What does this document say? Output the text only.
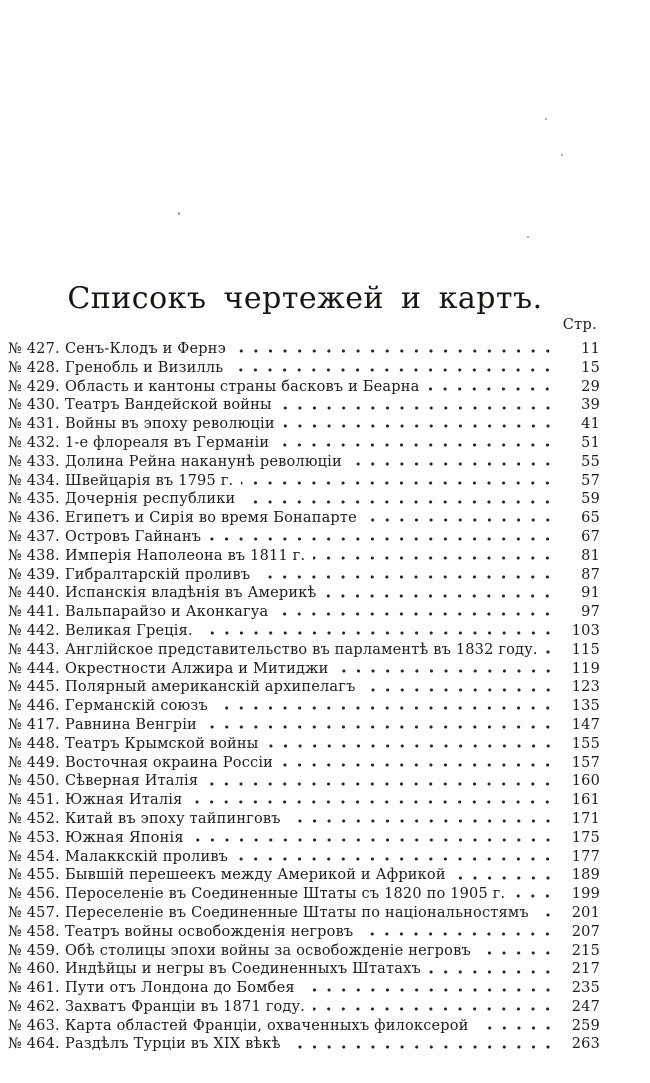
Списокъ чертежей и картъ.
Стр.
№ 427. Сенъ-Клодъ и Фернэ	11
№ 428. Гренобль и Визилль	15
№ 429. Область и кантоны страны басковъ и Беарна	29
№ 430. Театръ Вандейской войны	39
№ 431. Войны въ эпоху революціи	41
№ 432. 1-е флореаля въ Германіи	51
№ 433. Долина Рейна наканунѣ революціи	55
№ 434. Швейцарія въ 1795 г.	57
№ 435. Дочернія республики	59
№ 436. Египетъ и Сирія во время Бонапарте	65
№ 437. Островъ Гайнанъ	67
№ 438. Имперія Наполеона въ 1811 г.	81
№ 439. Гибралтарскій проливъ	87
№ 440. Испанскія владѣнія въ Америкѣ	91
№ 441. Вальпарайзо и Аконкагуа	97
№ 442. Великая Греція.	103
№ 443. Англійское представительство въ парламентѣ въ 1832 году.	115
№ 444. Окрестности Алжира и Митиджи	119
№ 445. Полярный американскій архипелагъ	123
№ 446. Германскій союзъ	135
№ 417. Равнина Венгріи	147
№ 448. Театръ Крымской войны	155
№ 449. Восточная окраина Россіи	157
№ 450. Сѣверная Италія	160
№ 451. Южная Италія	161
№ 452. Китай въ эпоху тайпинговъ	171
№ 453. Южная Японія	175
№ 454. Малаккскій проливъ	177
№ 455. Бывшій перешеекъ между Америкой и Африкой	189
№ 456. Пероселеніе въ Соединенные Штаты съ 1820 по 1905 г.	199
№ 457. Переселеніе въ Соединенные Штаты по національностямъ	201
№ 458. Театръ войны освобожденія негровъ	207
№ 459. Обѣ столицы эпохи войны за освобожденіе негровъ	215
№ 460. Индѣйцы и негры въ Соединенныхъ Штатахъ	217
№ 461. Пути отъ Лондона до Бомбея	235
№ 462. Захватъ Франціи въ 1871 году.	247
№ 463. Карта областей Франціи, охваченныхъ филоксерой	259
№ 464. Раздѣлъ Турціи въ XIX вѣкѣ	263
